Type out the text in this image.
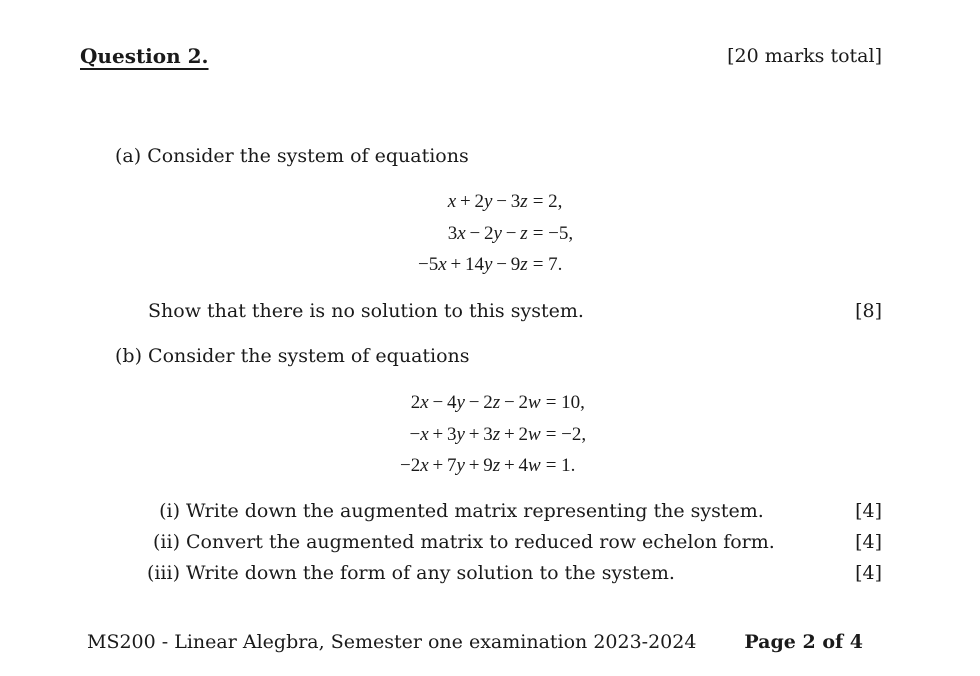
Question 2.	[20 marks total]
(a) Consider the system of equations
x  +  2y  −  3z	= 2,
3x  −  2y  −  z	= −5,
−5x  +  14y  −  9z	= 7.
Show that there is no solution to this system.	[8]
(b) Consider the system of equations
2x  −  4y  −  2z  −  2w	= 10,
−x  +  3y  +  3z  +  2w	= −2,
−2x  +  7y  +  9z  +  4w	= 1.
(i) Write down the augmented matrix representing the system.	[4]
(ii) Convert the augmented matrix to reduced row echelon form.	[4]
(iii) Write down the form of any solution to the system.	[4]
MS200 - Linear Alegbra, Semester one examination 2023-2024	Page 2 of 4
